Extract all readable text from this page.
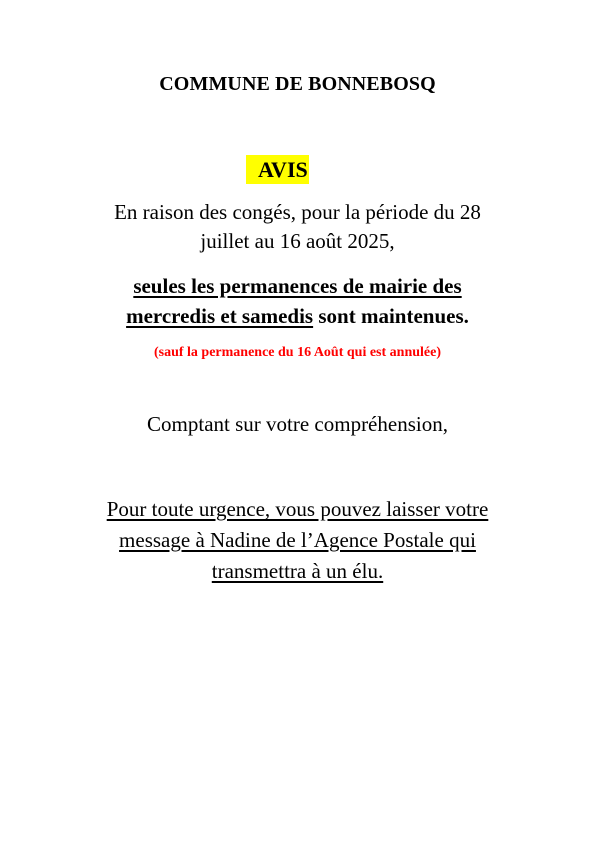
COMMUNE DE BONNEBOSQ
AVIS
En raison des congés, pour la période du 28
juillet au 16 août 2025,
seules les permanences de mairie des
mercredis et samedis sont maintenues.
(sauf la permanence du 16 Août qui est annulée)
Comptant sur votre compréhension,
Pour toute urgence, vous pouvez laisser votre
message à Nadine de l’Agence Postale qui
transmettra à un élu.
